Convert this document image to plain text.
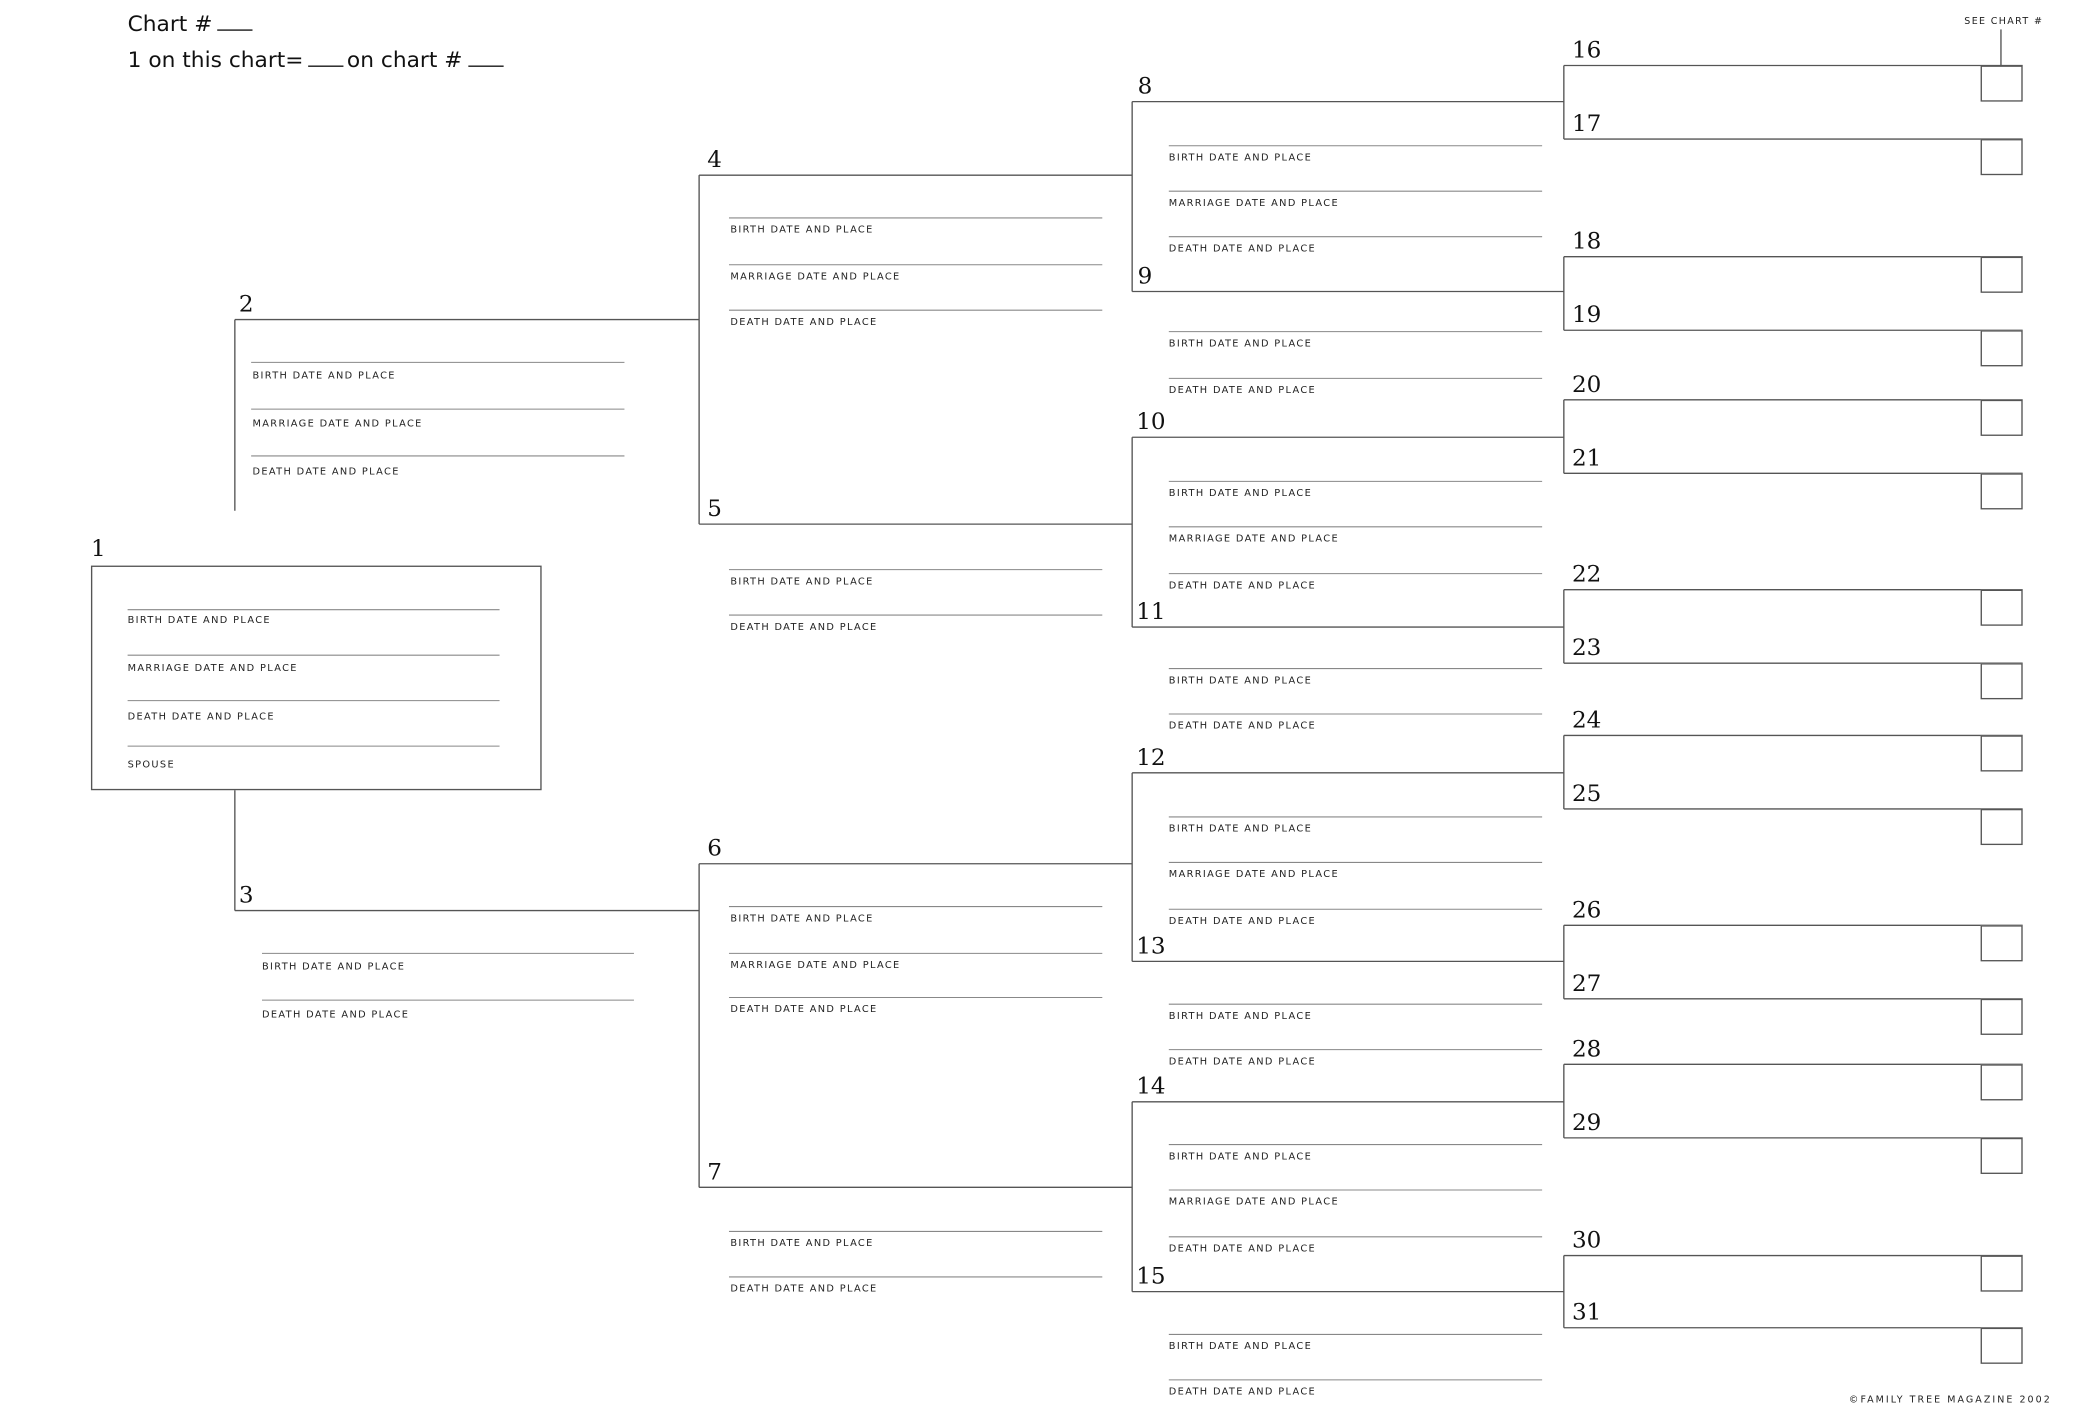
Chart #
1 on this chart=	on chart #
SEE CHART #
©FAMILY TREE MAGAZINE 2002
1
BIRTH DATE AND PLACE
MARRIAGE DATE AND PLACE
DEATH DATE AND PLACE
SPOUSE
2
BIRTH DATE AND PLACE
MARRIAGE DATE AND PLACE
DEATH DATE AND PLACE
3
BIRTH DATE AND PLACE
DEATH DATE AND PLACE
4
BIRTH DATE AND PLACE
MARRIAGE DATE AND PLACE
DEATH DATE AND PLACE
5
BIRTH DATE AND PLACE
DEATH DATE AND PLACE
6
BIRTH DATE AND PLACE
MARRIAGE DATE AND PLACE
DEATH DATE AND PLACE
7
BIRTH DATE AND PLACE
DEATH DATE AND PLACE
8
BIRTH DATE AND PLACE
MARRIAGE DATE AND PLACE
DEATH DATE AND PLACE
9
BIRTH DATE AND PLACE
DEATH DATE AND PLACE
10
BIRTH DATE AND PLACE
MARRIAGE DATE AND PLACE
DEATH DATE AND PLACE
11
BIRTH DATE AND PLACE
DEATH DATE AND PLACE
12
BIRTH DATE AND PLACE
MARRIAGE DATE AND PLACE
DEATH DATE AND PLACE
13
BIRTH DATE AND PLACE
DEATH DATE AND PLACE
14
BIRTH DATE AND PLACE
MARRIAGE DATE AND PLACE
DEATH DATE AND PLACE
15
BIRTH DATE AND PLACE
DEATH DATE AND PLACE
16
17
18
19
20
21
22
23
24
25
26
27
28
29
30
31
